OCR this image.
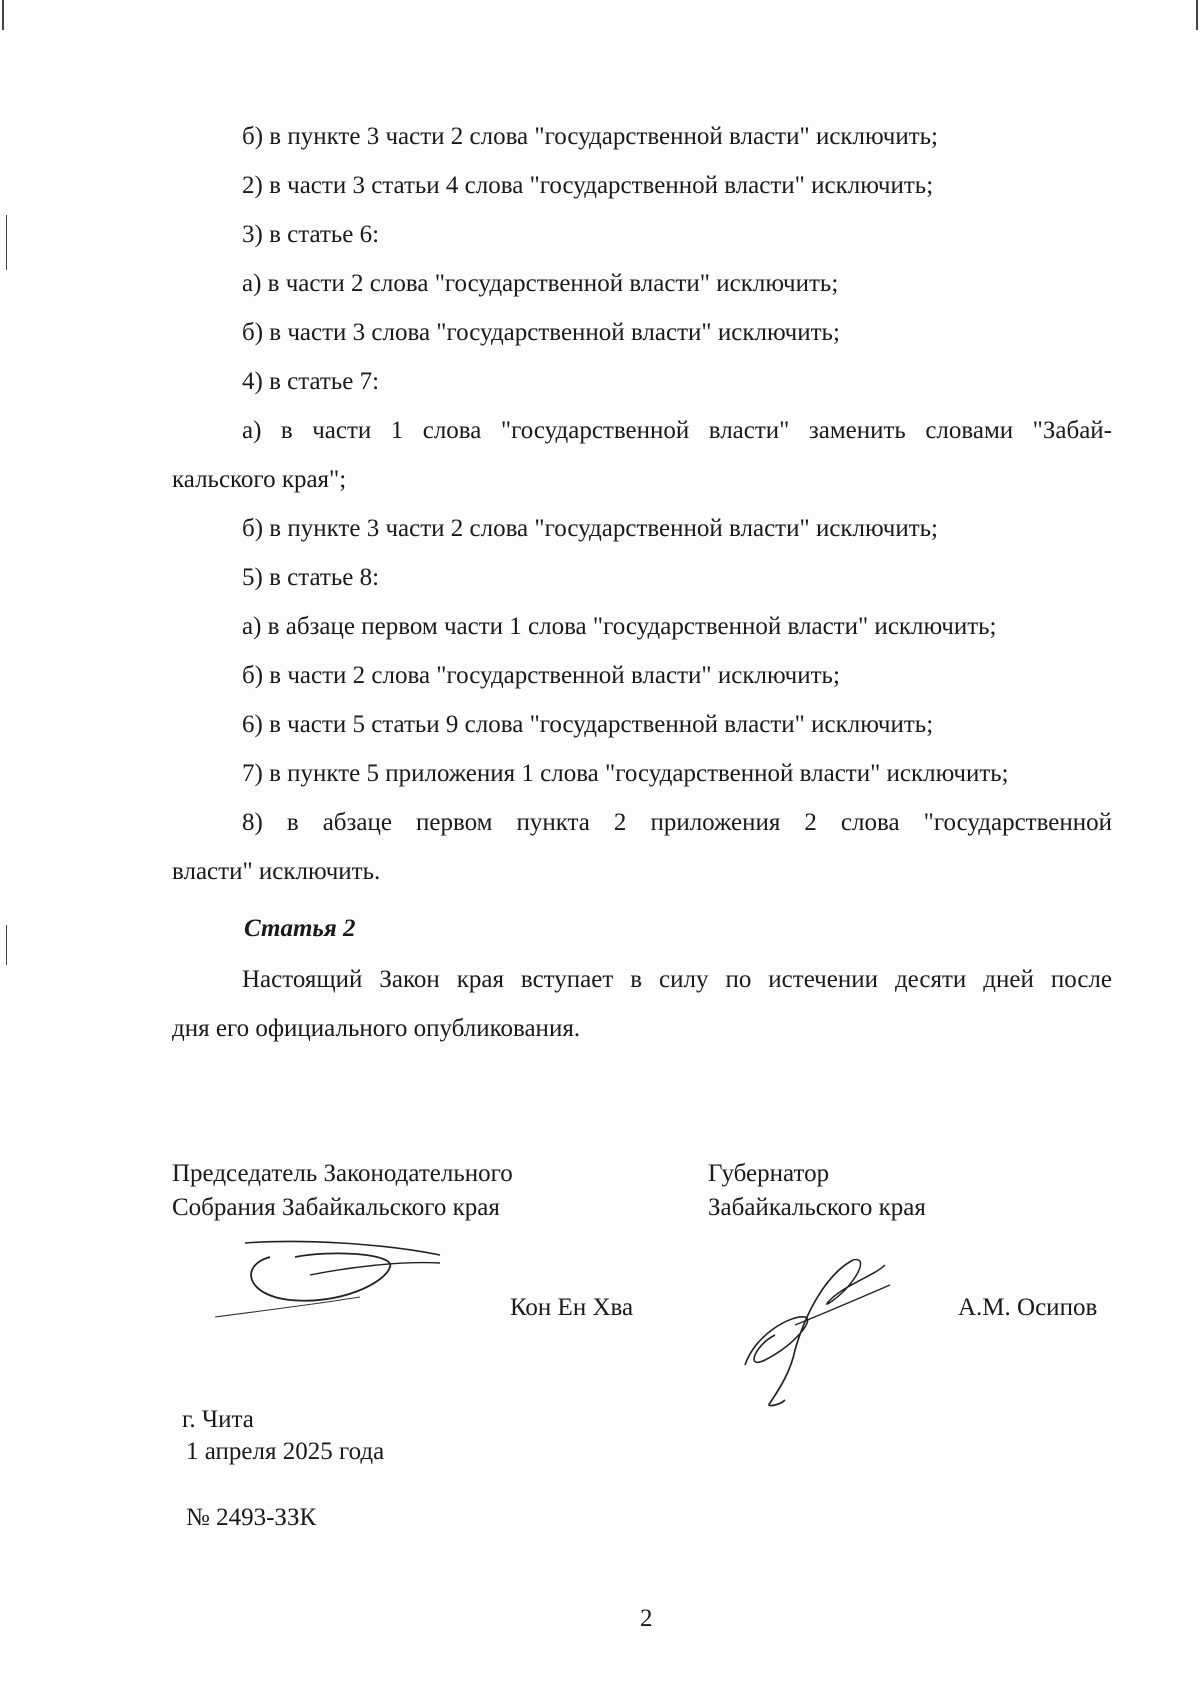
б) в пункте 3 части 2 слова "государственной власти" исключить;
2) в части 3 статьи 4 слова "государственной власти" исключить;
3) в статье 6:
а) в части 2 слова "государственной власти" исключить;
б) в части 3 слова "государственной власти" исключить;
4) в статье 7:
а) в части 1 слова "государственной власти" заменить словами "Забай-
кальского края";
б) в пункте 3 части 2 слова "государственной власти" исключить;
5) в статье 8:
а) в абзаце первом части 1 слова "государственной власти" исключить;
б) в части 2 слова "государственной власти" исключить;
6) в части 5 статьи 9 слова "государственной власти" исключить;
7) в пункте 5 приложения 1 слова "государственной власти" исключить;
8) в абзаце первом пункта 2 приложения 2 слова "государственной
власти" исключить.
Статья 2
Настоящий Закон края вступает в силу по истечении десяти дней после
дня его официального опубликования.
Председатель Законодательного
Собрания Забайкальского края
Кон Ен Хва
Губернатор
Забайкальского края
А.М. Осипов
г. Чита
1 апреля 2025 года
№ 2493-ЗЗК
2
